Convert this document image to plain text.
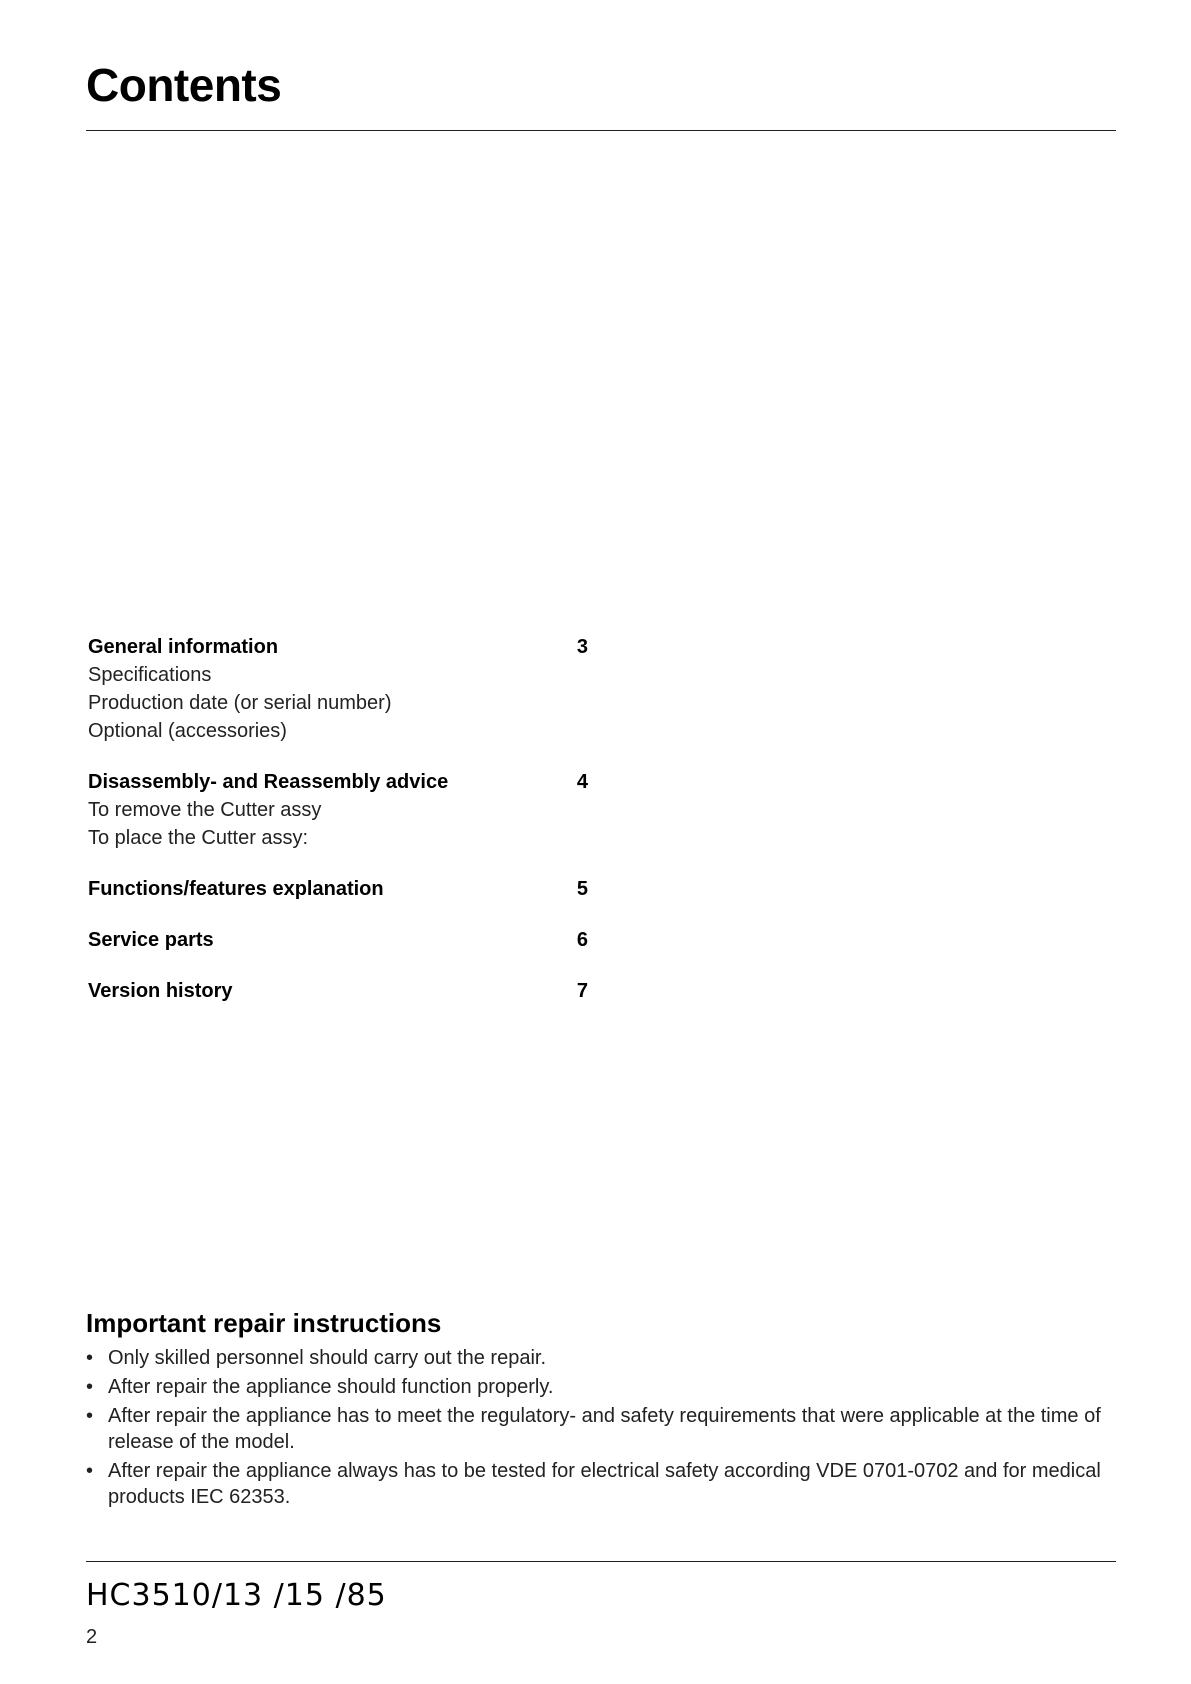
Contents
General information	3
Specifications
Production date (or serial number)
Optional (accessories)
Disassembly‑ and Reassembly advice	4
To remove the Cutter assy
To place the Cutter assy:
Functions/features explanation	5
Service parts	6
Version history	7
Important repair instructions
• Only skilled personnel should carry out the repair.
• After repair the appliance should function properly.
• After repair the appliance has to meet the regulatory‑ and safety requirements that were applicable at the time of release of the model.
• After repair the appliance always has to be tested for electrical safety according VDE 0701‑0702 and for medical products IEC 62353.
HC3510/13 /15 /85
2
